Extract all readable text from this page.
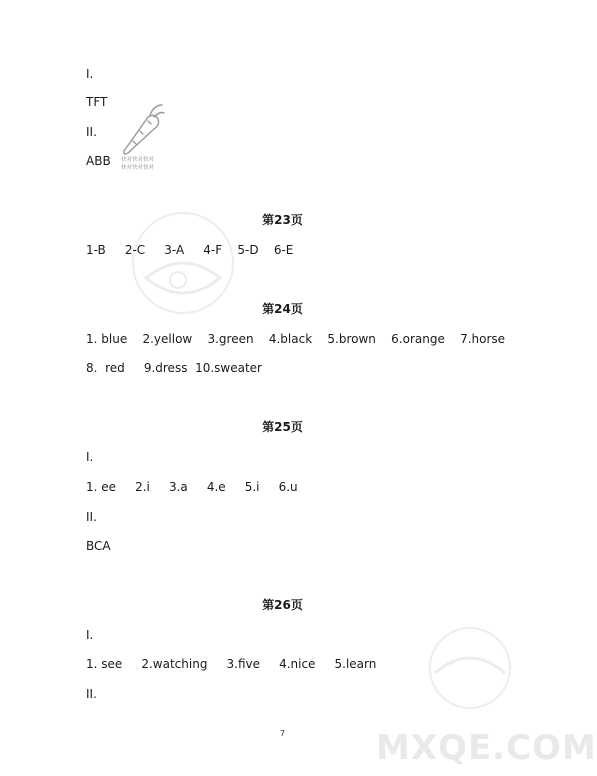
MXQE.COM
I.
TFT
II.
ABB 快对快对快对
快对快对快对
第23页
1-B     2-C     3-A     4-F    5-D    6-E
第24页
1. blue    2.yellow    3.green    4.black    5.brown    6.orange    7.horse
8.  red     9.dress  10.sweater
第25页
I.
1. ee     2.i     3.a     4.e     5.i     6.u
II.
BCA
第26页
I.
1. see     2.watching     3.five     4.nice     5.learn
II.
7
